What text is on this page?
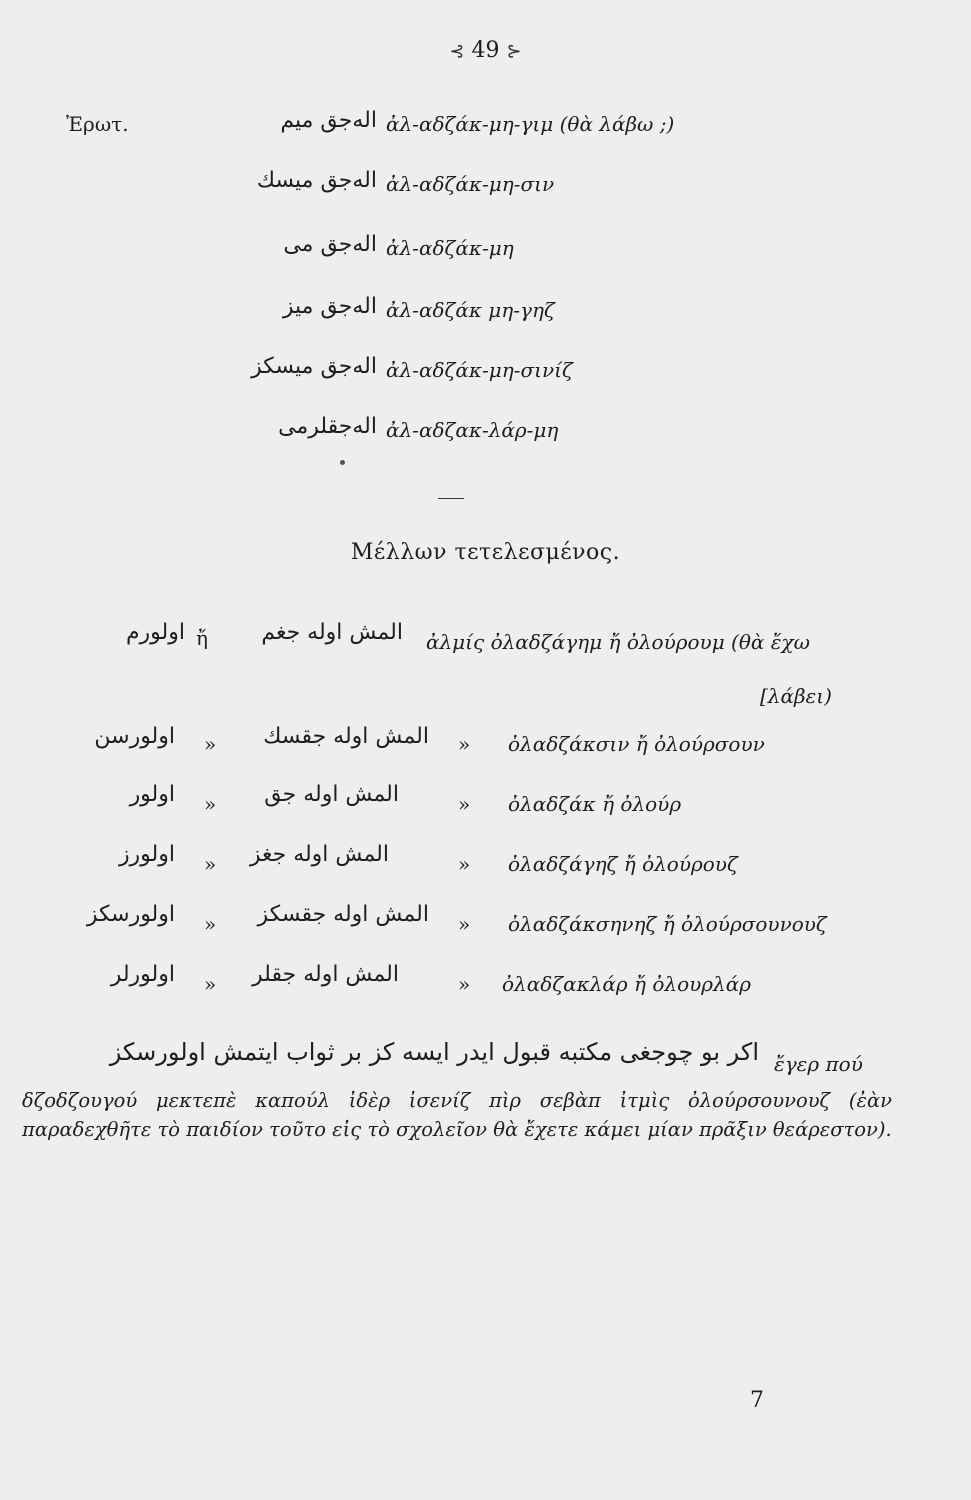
⊰ 49 ⊱
Ἐρωτ.	الەجق ميم ἀλ-αδζάκ-μη-γιμ (θὰ λάβω ;)
الەجق ميسك ἀλ-αδζάκ-μη-σιν
الەجق مى ἀλ-αδζάκ-μη
الەجق ميز ἀλ-αδζάκ μη-γηζ
الەجق ميسكز ἀλ-αδζάκ-μη-σινίζ
الەجقلرمى ἀλ-αδζακ-λάρ-μη
Μέλλων τετελεσμένος.
اولورم ἤ المش اوله جغم ἀλμίς ὀλαδζάγημ ἤ ὀλούρουμ (θὰ ἔχω
[λάβει)
اولورسن » المش اوله جقسك » ὀλαδζάκσιν ἤ ὀλούρσουν
اولور » المش اوله جق	» ὀλαδζάκ ἤ ὀλούρ
اولورز » المش اوله جغز	» ὀλαδζάγηζ ἤ ὀλούρουζ
اولورسكز » المش اوله جقسكز » ὀλαδζάκσηνηζ ἤ ὀλούρσουνουζ
اولورلر » المش اوله جقلر	» ὀλαδζακλάρ ἤ ὀλουρλάρ
اكر بو چوجغى مكتبه قبول ايدر ايسه كز بر ثواب ايتمش اولورسكز ἔγερ πού
δζοδζουγού μεκτεπὲ καπούλ ἰδὲρ ἰσενίζ πὶρ σεβὰπ ἰτμὶς ὀλούρσουνουζ (ἐὰν παραδεχθῆτε τὸ παιδίον τοῦτο εἰς τὸ σχολεῖον θὰ ἔχετε κάμει μίαν πρᾶξιν θεάρεστον).
7
